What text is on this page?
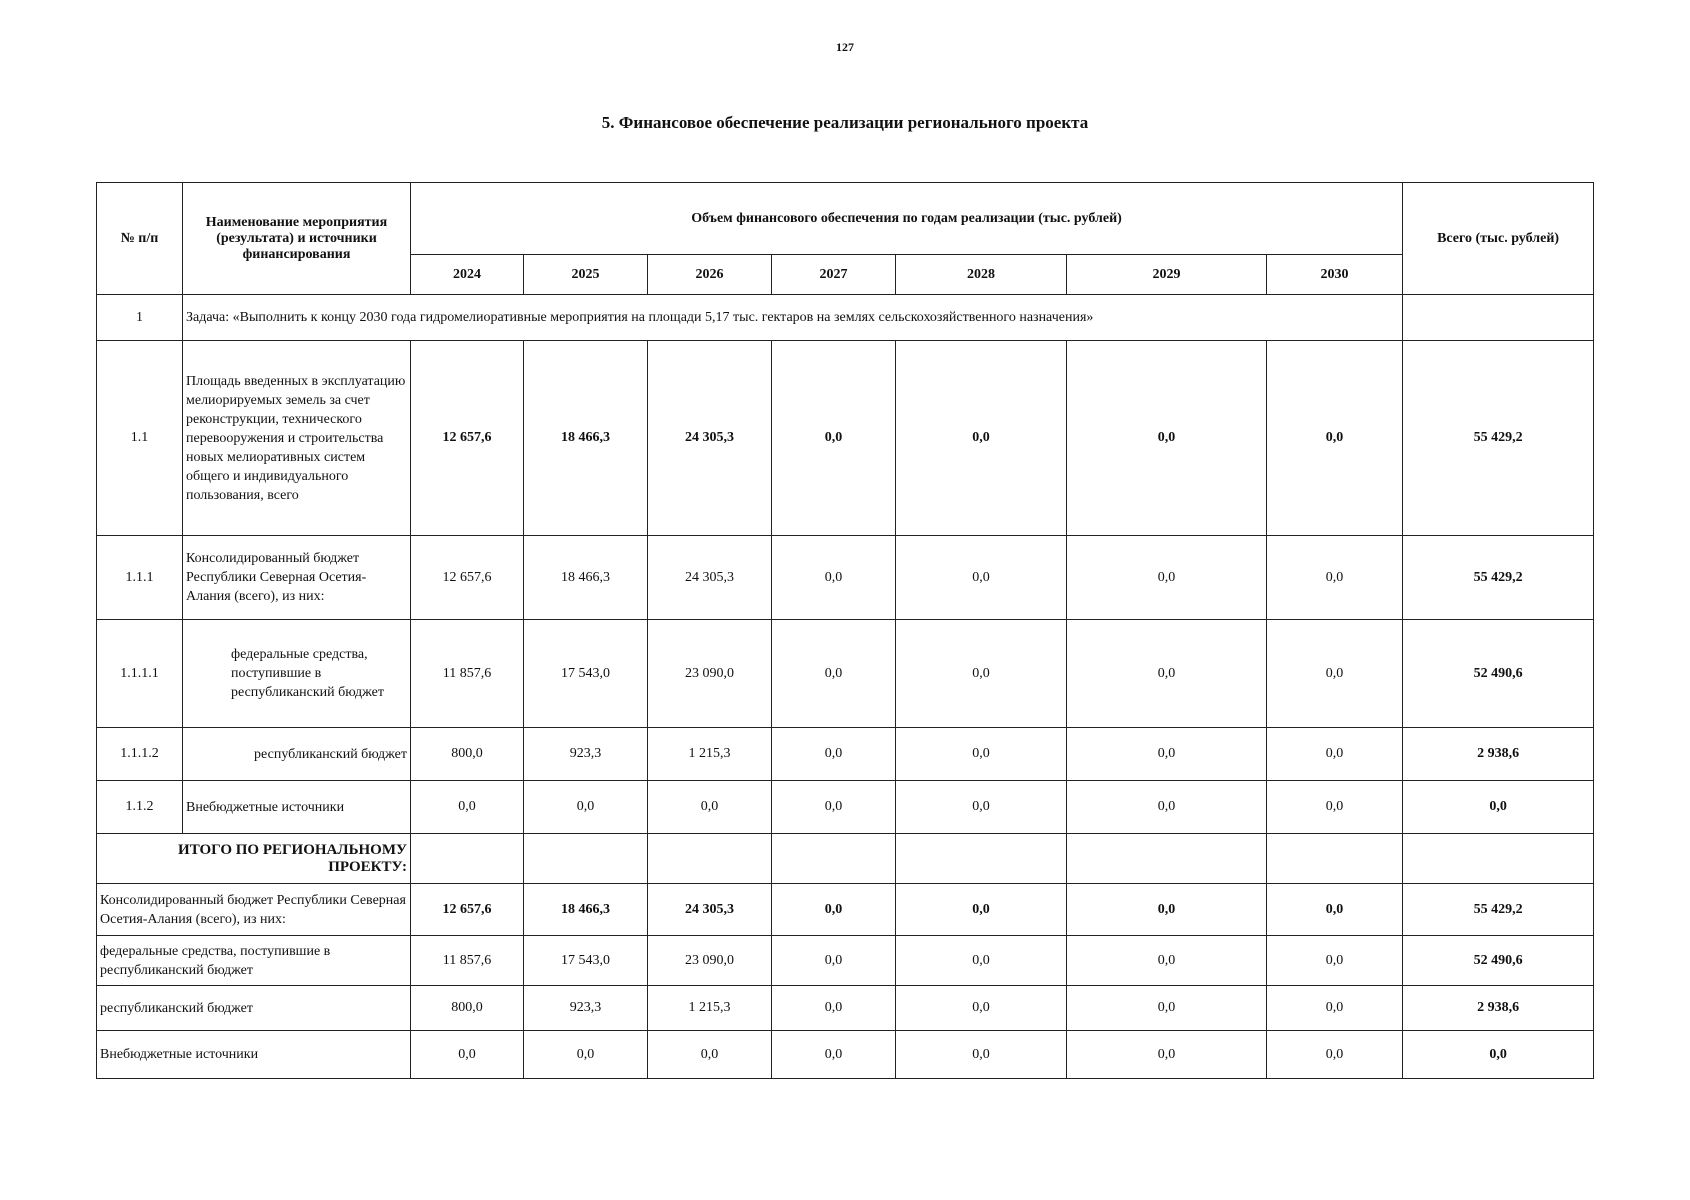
127
5. Финансовое обеспечение реализации регионального проекта
№ п/п	Наименование мероприятия (результата) и источники финансирования	Объем финансового обеспечения по годам реализации (тыс. рублей)							Всего (тыс. рублей)
		2024	2025	2026	2027	2028	2029	2030	
1	Задача: «Выполнить к концу 2030 года гидромелиоративные мероприятия на площади 5,17 тыс. гектаров на землях сельскохозяйственного назначения»								
1.1	Площадь введенных в эксплуатацию мелиорируемых земель за счет реконструкции, технического перевооружения и строительства новых мелиоративных систем общего и индивидуального пользования, всего	12 657,6	18 466,3	24 305,3	0,0	0,0	0,0	0,0	55 429,2
1.1.1	Консолидированный бюджет Республики Северная Осетия-Алания (всего), из них:	12 657,6	18 466,3	24 305,3	0,0	0,0	0,0	0,0	55 429,2
1.1.1.1	федеральные средства, поступившие в республиканский бюджет	11 857,6	17 543,0	23 090,0	0,0	0,0	0,0	0,0	52 490,6
1.1.1.2	республиканский бюджет	800,0	923,3	1 215,3	0,0	0,0	0,0	0,0	2 938,6
1.1.2	Внебюджетные источники	0,0	0,0	0,0	0,0	0,0	0,0	0,0	0,0
ИТОГО ПО РЕГИОНАЛЬНОМУ ПРОЕКТУ:									
Консолидированный бюджет Республики Северная Осетия-Алания (всего), из них:		12 657,6	18 466,3	24 305,3	0,0	0,0	0,0	0,0	55 429,2
федеральные средства, поступившие в республиканский бюджет		11 857,6	17 543,0	23 090,0	0,0	0,0	0,0	0,0	52 490,6
республиканский бюджет		800,0	923,3	1 215,3	0,0	0,0	0,0	0,0	2 938,6
Внебюджетные источники		0,0	0,0	0,0	0,0	0,0	0,0	0,0	0,0
